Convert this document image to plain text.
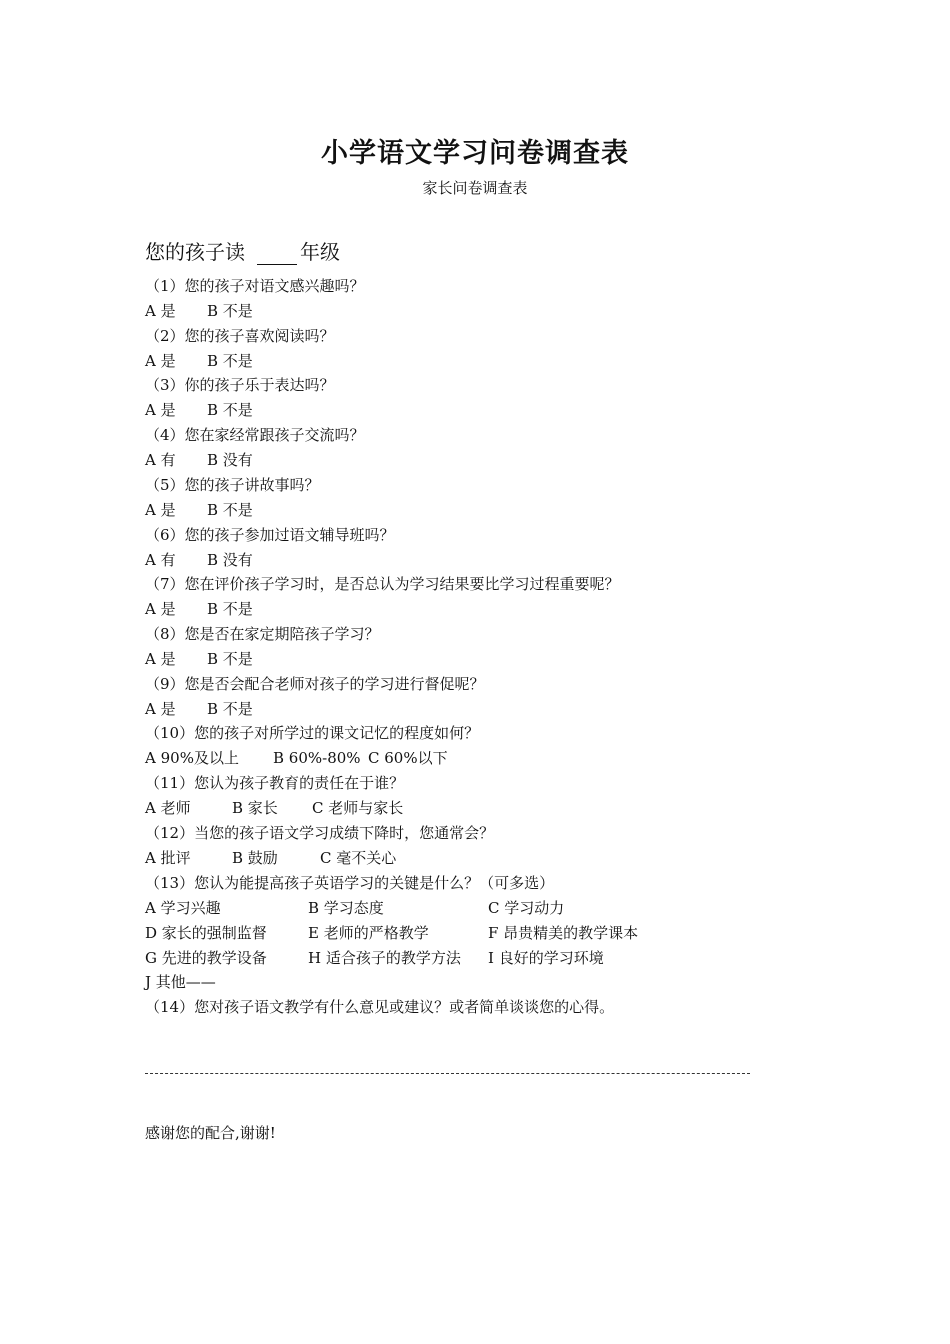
小学语文学习问卷调查表
家长问卷调查表
您的孩子读	年级
（1）您的孩子对语文感兴趣吗？
A 是 B 不是
（2）您的孩子喜欢阅读吗？
A 是 B 不是
（3）你的孩子乐于表达吗？
A 是 B 不是
（4）您在家经常跟孩子交流吗？
A 有 B 没有
（5）您的孩子讲故事吗？
A 是 B 不是
（6）您的孩子参加过语文辅导班吗？
A 有 B 没有
（7）您在评价孩子学习时，是否总认为学习结果要比学习过程重要呢？
A 是 B 不是
（8）您是否在家定期陪孩子学习？
A 是 B 不是
（9）您是否会配合老师对孩子的学习进行督促呢？
A 是 B 不是
（10）您的孩子对所学过的课文记忆的程度如何？
A 90%及以上 B 60%-80% C 60%以下
（11）您认为孩子教育的责任在于谁？
A 老师	B 家长 C 老师与家长
（12）当您的孩子语文学习成绩下降时，您通常会？
A 批评	B 鼓励	C 毫不关心
（13）您认为能提高孩子英语学习的关键是什么？（可多选）
A 学习兴趣	B 学习态度	C 学习动力
D 家长的强制监督	E 老师的严格教学	F 昂贵精美的教学课本
G 先进的教学设备	H 适合孩子的教学方法 I 良好的学习环境
J 其他——
（14）您对孩子语文教学有什么意见或建议？或者简单谈谈您的心得。
感谢您的配合,谢谢!
